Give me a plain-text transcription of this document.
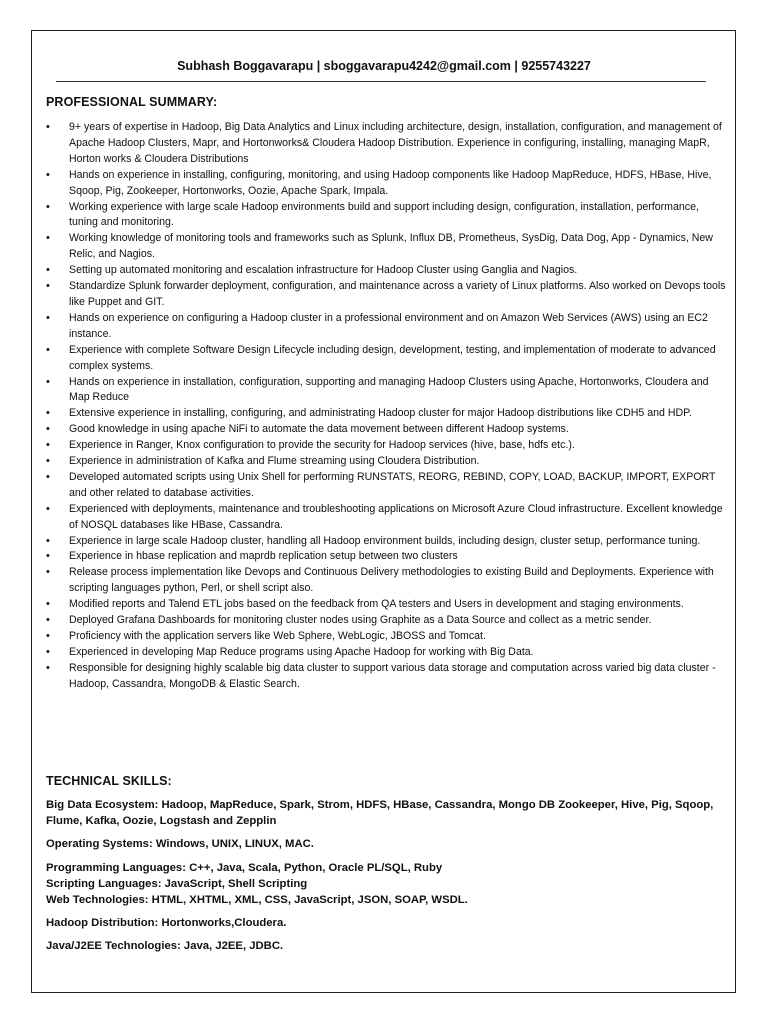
Subhash Boggavarapu | sboggavarapu4242@gmail.com | 9255743227
PROFESSIONAL SUMMARY:
• 9+ years of expertise in Hadoop, Big Data Analytics and Linux including architecture, design, installation, configuration, and management of Apache Hadoop Clusters, Mapr, and Hortonworks& Cloudera Hadoop Distribution. Experience in configuring, installing, managing MapR, Horton works & Cloudera Distributions
• Hands on experience in installing, configuring, monitoring, and using Hadoop components like Hadoop MapReduce, HDFS, HBase, Hive, Sqoop, Pig, Zookeeper, Hortonworks, Oozie, Apache Spark, Impala.
• Working experience with large scale Hadoop environments build and support including design, configuration, installation, performance, tuning and monitoring.
• Working knowledge of monitoring tools and frameworks such as Splunk, Influx DB, Prometheus, SysDig, Data Dog, App - Dynamics, New Relic, and Nagios.
• Setting up automated monitoring and escalation infrastructure for Hadoop Cluster using Ganglia and Nagios.
• Standardize Splunk forwarder deployment, configuration, and maintenance across a variety of Linux platforms. Also worked on Devops tools like Puppet and GIT.
• Hands on experience on configuring a Hadoop cluster in a professional environment and on Amazon Web Services (AWS) using an EC2 instance.
• Experience with complete Software Design Lifecycle including design, development, testing, and implementation of moderate to advanced complex systems.
• Hands on experience in installation, configuration, supporting and managing Hadoop Clusters using Apache, Hortonworks, Cloudera and Map Reduce
• Extensive experience in installing, configuring, and administrating Hadoop cluster for major Hadoop distributions like CDH5 and HDP.
• Good knowledge in using apache NiFi to automate the data movement between different Hadoop systems.
• Experience in Ranger, Knox configuration to provide the security for Hadoop services (hive, base, hdfs etc.).
• Experience in administration of Kafka and Flume streaming using Cloudera Distribution.
• Developed automated scripts using Unix Shell for performing RUNSTATS, REORG, REBIND, COPY, LOAD, BACKUP, IMPORT, EXPORT and other related to database activities.
• Experienced with deployments, maintenance and troubleshooting applications on Microsoft Azure Cloud infrastructure. Excellent knowledge of NOSQL databases like HBase, Cassandra.
• Experience in large scale Hadoop cluster, handling all Hadoop environment builds, including design, cluster setup, performance tuning.
• Experience in hbase replication and maprdb replication setup between two clusters
• Release process implementation like Devops and Continuous Delivery methodologies to existing Build and Deployments. Experience with scripting languages python, Perl, or shell script also.
• Modified reports and Talend ETL jobs based on the feedback from QA testers and Users in development and staging environments.
• Deployed Grafana Dashboards for monitoring cluster nodes using Graphite as a Data Source and collect as a metric sender.
• Proficiency with the application servers like Web Sphere, WebLogic, JBOSS and Tomcat.
• Experienced in developing Map Reduce programs using Apache Hadoop for working with Big Data.
• Responsible for designing highly scalable big data cluster to support various data storage and computation across varied big data cluster - Hadoop, Cassandra, MongoDB & Elastic Search.
TECHNICAL SKILLS:

Big Data Ecosystem: Hadoop, MapReduce, Spark, Strom, HDFS, HBase, Cassandra, Mongo DB Zookeeper, Hive, Pig, Sqoop, Flume, Kafka, Oozie, Logstash and Zepplin

Operating Systems: Windows, UNIX, LINUX, MAC.

Programming Languages: C++, Java, Scala, Python, Oracle PL/SQL, Ruby
Scripting Languages: JavaScript, Shell Scripting
Web Technologies: HTML, XHTML, XML, CSS, JavaScript, JSON, SOAP, WSDL.

Hadoop Distribution: Hortonworks,Cloudera.

Java/J2EE Technologies: Java, J2EE, JDBC.
